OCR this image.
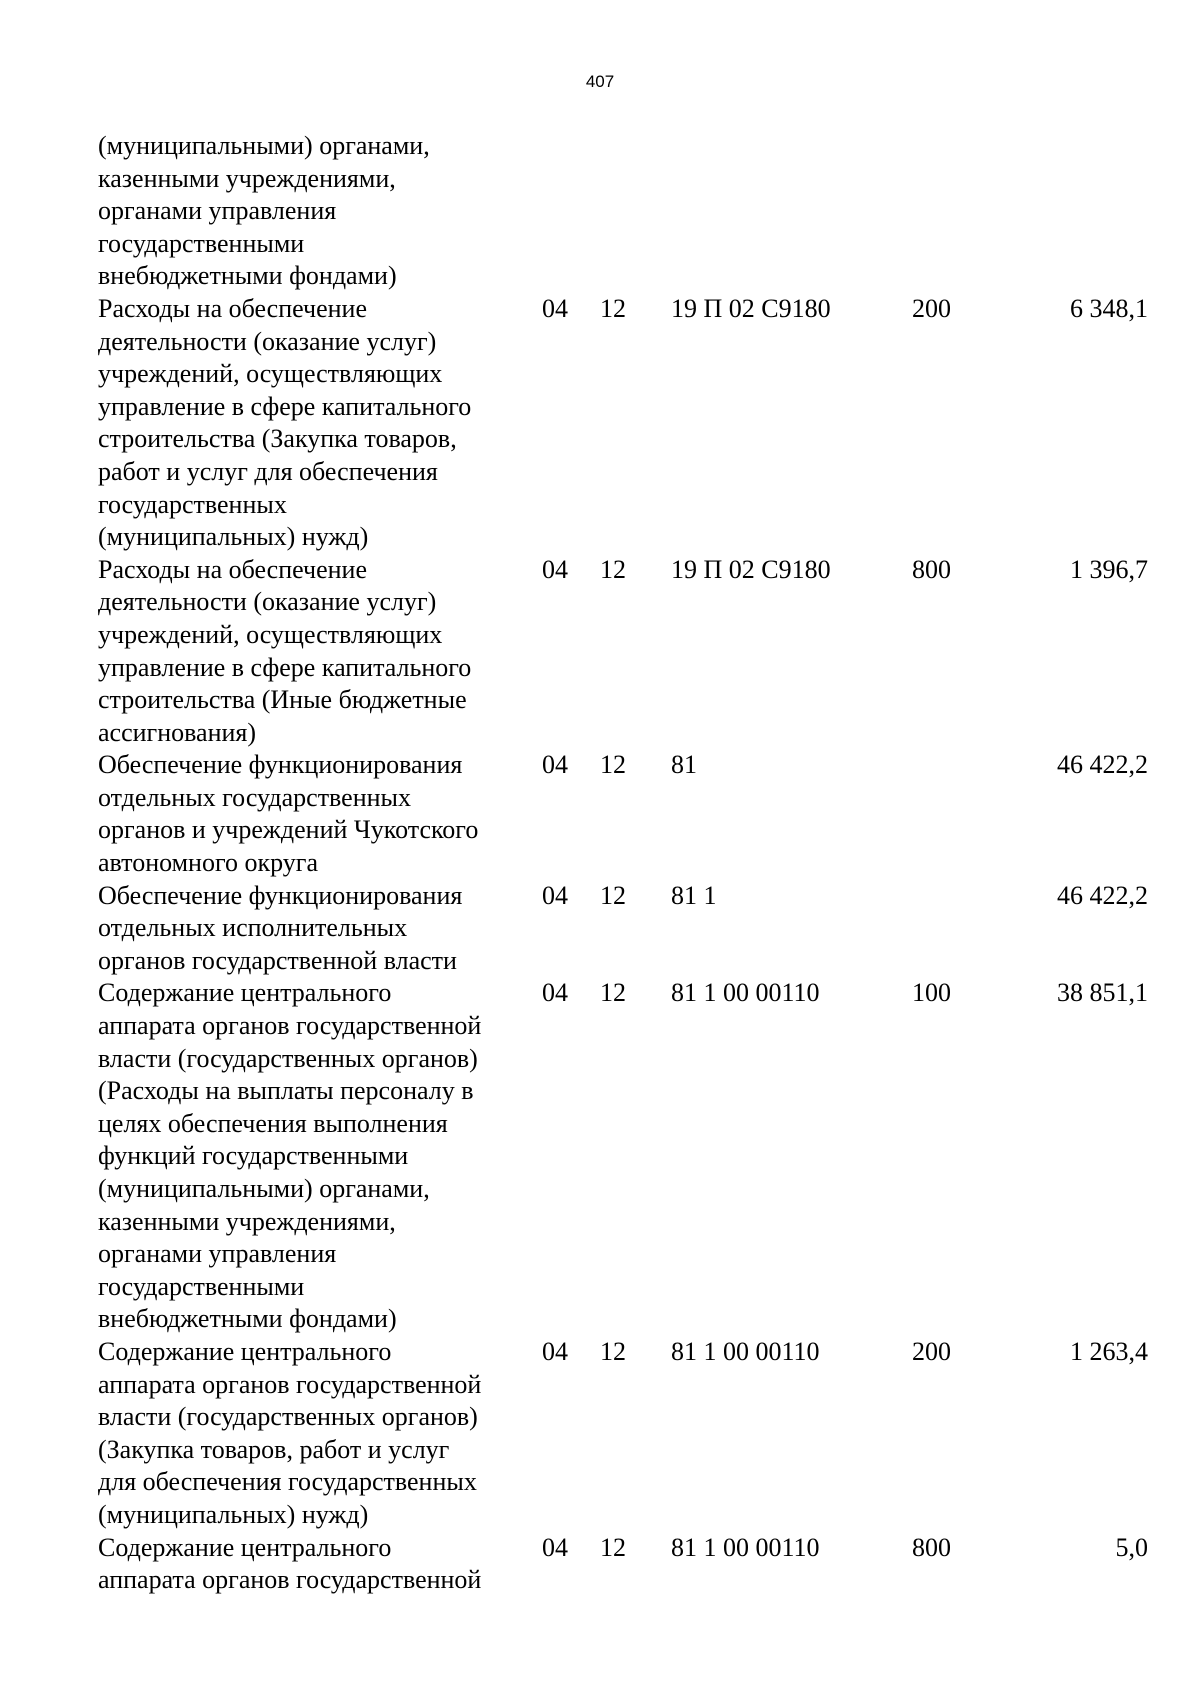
407
(муниципальными) органами,
казенными учреждениями,
органами управления
государственными
внебюджетными фондами)
Расходы на обеспечение
деятельности (оказание услуг)
учреждений, осуществляющих
управление в сфере капитального
строительства (Закупка товаров,
работ и услуг для обеспечения
государственных
(муниципальных) нужд)
04 12 19 П 02 С9180	200	6 348,1
Расходы на обеспечение
деятельности (оказание услуг)
учреждений, осуществляющих
управление в сфере капитального
строительства (Иные бюджетные
ассигнования)
04 12 19 П 02 С9180	800	1 396,7
Обеспечение функционирования
отдельных государственных
органов и учреждений Чукотского
автономного округа
04 12 81	46 422,2
Обеспечение функционирования
отдельных исполнительных
органов государственной власти
04 12 81 1	46 422,2
Содержание центрального
аппарата органов государственной
власти (государственных органов)
(Расходы на выплаты персоналу в
целях обеспечения выполнения
функций государственными
(муниципальными) органами,
казенными учреждениями,
органами управления
государственными
внебюджетными фондами)
04 12 81 1 00 00110	100	38 851,1
Содержание центрального
аппарата органов государственной
власти (государственных органов)
(Закупка товаров, работ и услуг
для обеспечения государственных
(муниципальных) нужд)
04 12 81 1 00 00110	200	1 263,4
Содержание центрального
аппарата органов государственной
04 12 81 1 00 00110	800	5,0
